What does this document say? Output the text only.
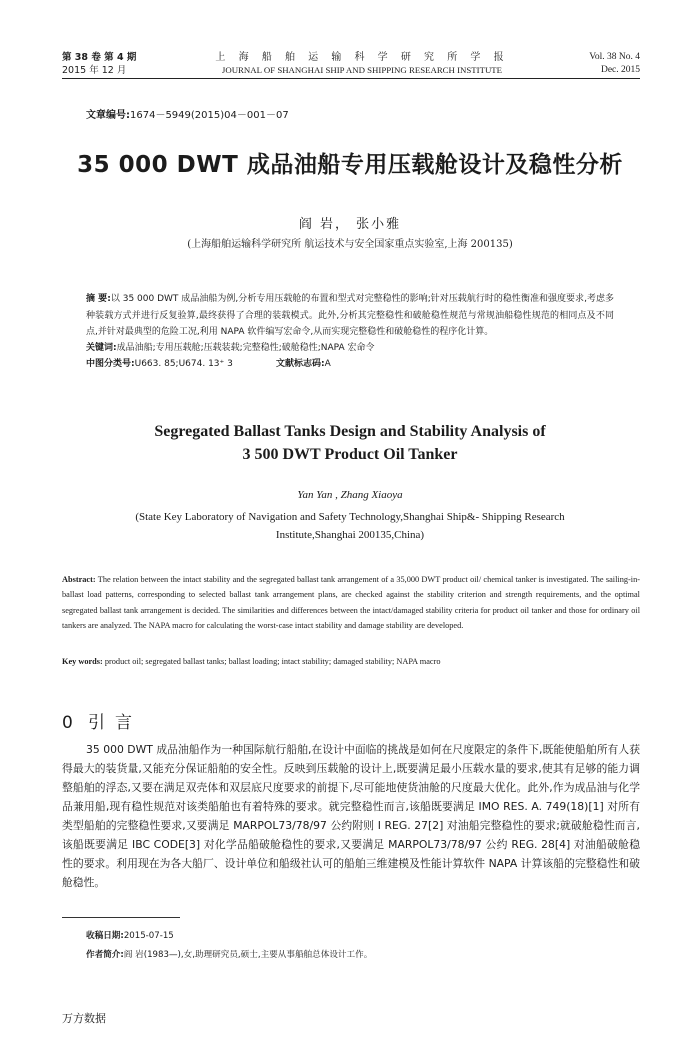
第 38 卷 第 4 期
2015 年 12 月
上 海 船 舶 运 输 科 学 研 究 所 学 报
JOURNAL OF SHANGHAI SHIP AND SHIPPING RESEARCH INSTITUTE
Vol. 38 No. 4
Dec. 2015
文章编号:1674－5949(2015)04－001－07
35 000 DWT 成品油船专用压载舱设计及稳性分析
阎 岩， 张小雅
(上海船舶运输科学研究所 航运技术与安全国家重点实验室,上海 200135)
摘 要:以 35 000 DWT 成品油船为例,分析专用压载舱的布置和型式对完整稳性的影响;针对压载航行时的稳性衡准和强度要求,考虑多种装载方式并进行反复验算,最终获得了合理的装载模式。此外,分析其完整稳性和破舱稳性规范与常规油船稳性规范的相同点及不同点,并针对最典型的危险工况,利用 NAPA 软件编写宏命令,从而实现完整稳性和破舱稳性的程序化计算。
关键词:成品油船;专用压载舱;压载装载;完整稳性;破舱稳性;NAPA 宏命令
中图分类号:U663. 85;U674. 13⁺ 3	文献标志码:A
Segregated Ballast Tanks Design and Stability Analysis of
3 500 DWT Product Oil Tanker
Yan Yan , Zhang Xiaoya
(State Key Laboratory of Navigation and Safety Technology,Shanghai Ship&- Shipping Research
Institute,Shanghai 200135,China)
Abstract: The relation between the intact stability and the segregated ballast tank arrangement of a 35,000 DWT product oil/ chemical tanker is investigated. The sailing-in-ballast load patterns, corresponding to selected ballast tank arrangement plans, are checked against the stability criterion and strength requirements, and the optimal segregated ballast tank arrangement is decided. The similarities and differences between the intact/damaged stability criteria for product oil tanker and those for ordinary oil tankers are analyzed. The NAPA macro for calculating the worst-case intact stability and damage stability are developed.
Key words: product oil; segregated ballast tanks; ballast loading; intact stability; damaged stability; NAPA macro
0 引言
35 000 DWT 成品油船作为一种国际航行船舶,在设计中面临的挑战是如何在尺度限定的条件下,既能使船舶所有人获得最大的装货量,又能充分保证船舶的安全性。反映到压载舱的设计上,既要满足最小压载水量的要求,使其有足够的能力调整船舶的浮态,又要在满足双壳体和双层底尺度要求的前提下,尽可能地使货油舱的尺度最大优化。此外,作为成品油与化学品兼用船,现有稳性规范对该类船舶也有着特殊的要求。就完整稳性而言,该船既要满足 IMO RES. A. 749(18)[1] 对所有类型船舶的完整稳性要求,又要满足 MARPOL73/78/97 公约附则 I REG. 27[2] 对油船完整稳性的要求;就破舱稳性而言,该船既要满足 IBC CODE[3] 对化学品船破舱稳性的要求,又要满足 MARPOL73/78/97 公约 REG. 28[4] 对油船破舱稳性的要求。利用现在为各大船厂、设计单位和船级社认可的船舶三维建模及性能计算软件 NAPA 计算该船的完整稳性和破舱稳性。
收稿日期:2015-07-15
作者简介:阎 岩(1983—),女,助理研究员,硕士,主要从事船舶总体设计工作。
万方数据
